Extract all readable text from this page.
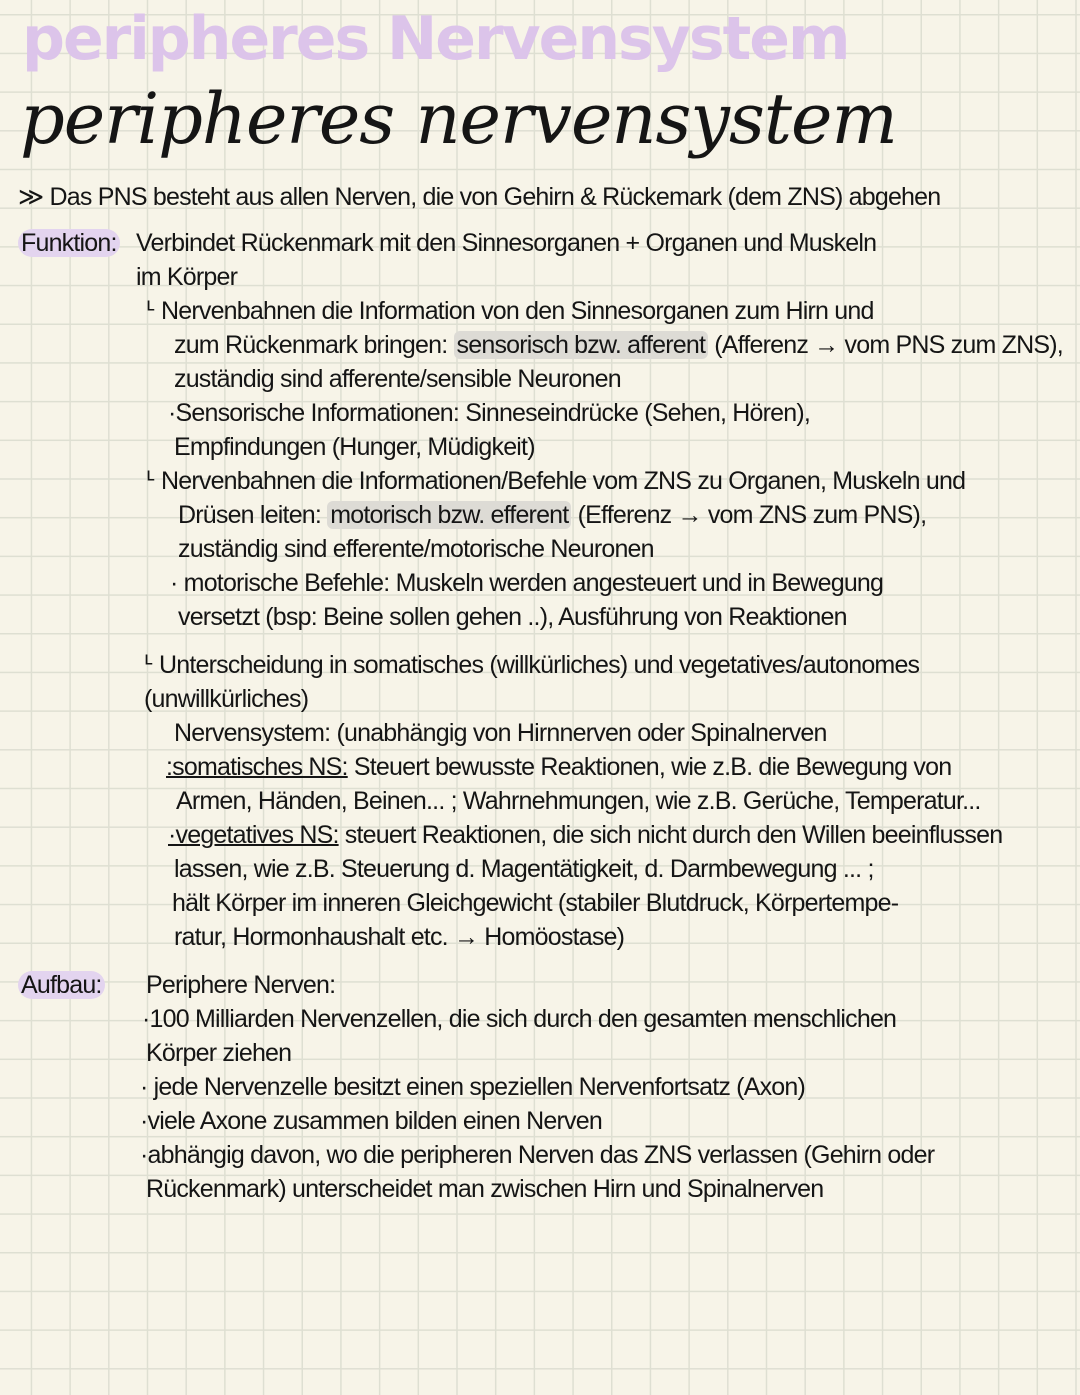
peripheres Nervensystem
peripheres nervensystem
≫ Das PNS besteht aus allen Nerven, die von Gehirn & Rückemark (dem ZNS) abgehen
Funktion: Verbindet Rückenmark mit den Sinnesorganen + Organen und Muskeln
im Körper
ᒻ Nervenbahnen die Information von den Sinnesorganen zum Hirn und
zum Rückenmark bringen: sensorisch bzw. afferent (Afferenz → vom PNS zum ZNS),
zuständig sind afferente/sensible Neuronen
·Sensorische Informationen: Sinneseindrücke (Sehen, Hören),
Empfindungen (Hunger, Müdigkeit)
ᒻ Nervenbahnen die Informationen/Befehle vom ZNS zu Organen, Muskeln und
Drüsen leiten: motorisch bzw. efferent (Efferenz → vom ZNS zum PNS),
zuständig sind efferente/motorische Neuronen
· motorische Befehle: Muskeln werden angesteuert und in Bewegung
versetzt (bsp: Beine sollen gehen ..), Ausführung von Reaktionen
ᒻ Unterscheidung in somatisches (willkürliches) und vegetatives/autonomes (unwillkürliches)
Nervensystem: (unabhängig von Hirnnerven oder Spinalnerven
:somatisches NS: Steuert bewusste Reaktionen, wie z.B. die Bewegung von
Armen, Händen, Beinen... ; Wahrnehmungen, wie z.B. Gerüche, Temperatur...
·vegetatives NS: steuert Reaktionen, die sich nicht durch den Willen beeinflussen
lassen, wie z.B. Steuerung d. Magentätigkeit, d. Darmbewegung ... ;
hält Körper im inneren Gleichgewicht (stabiler Blutdruck, Körpertempe-
ratur, Hormonhaushalt etc. → Homöostase)
Aufbau:	Periphere Nerven:
·100 Milliarden Nervenzellen, die sich durch den gesamten menschlichen
Körper ziehen
· jede Nervenzelle besitzt einen speziellen Nervenfortsatz (Axon)
·viele Axone zusammen bilden einen Nerven
·abhängig davon, wo die peripheren Nerven das ZNS verlassen (Gehirn oder
Rückenmark) unterscheidet man zwischen Hirn und Spinalnerven
